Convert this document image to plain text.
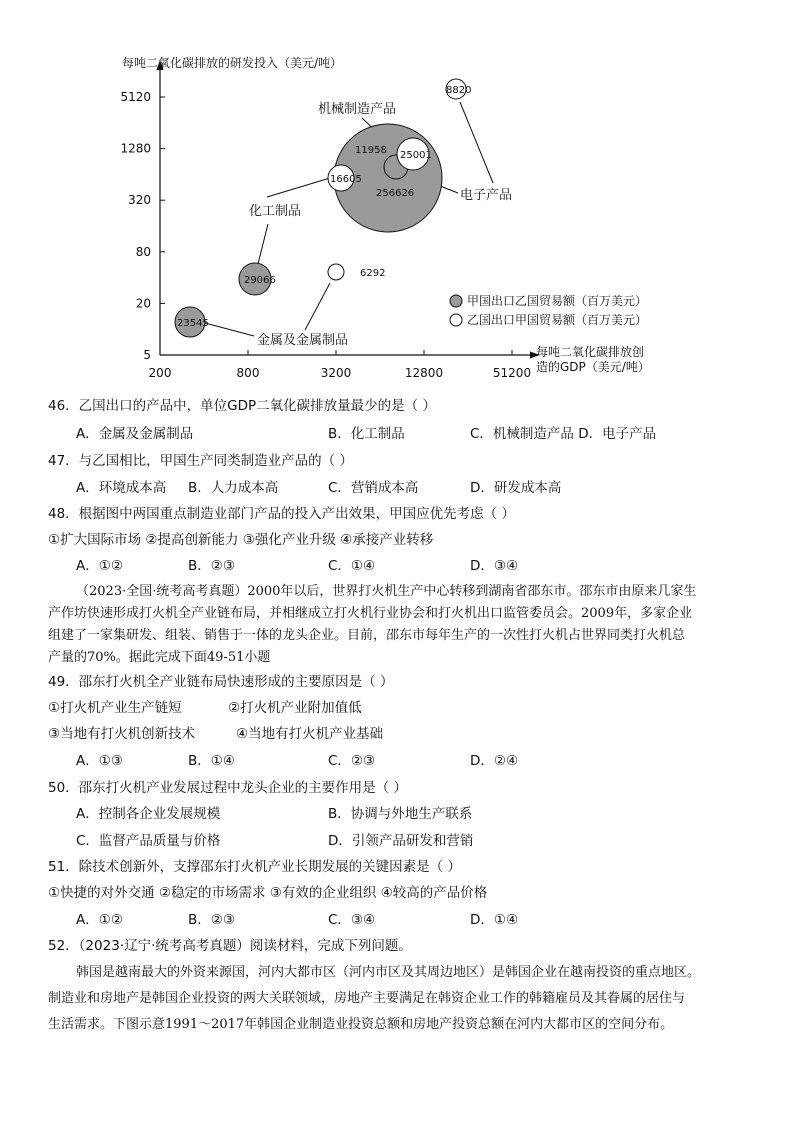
每吨二氧化碳排放的研发投入（美元/吨）
每吨二氧化碳排放创
造的GDP（美元/吨）
5120
1280
320
80
20
5
200	800	3200	12800	51200
11958 25001
256626
16605
29066
23545
6292
8820
机械制造产品
化工制品
电子产品
金属及金属制品
甲国出口乙国贸易额（百万美元）
乙国出口甲国贸易额（百万美元）
46．乙国出口的产品中，单位GDP二氧化碳排放量最少的是（ ）
A．金属及金属制品	B．化工制品	C．机械制造产品 D．电子产品
47．与乙国相比，甲国生产同类制造业产品的（ ）
A．环境成本高 B．人力成本高	C．营销成本高	D．研发成本高
48．根据图中两国重点制造业部门产品的投入产出效果，甲国应优先考虑（ ）
①扩大国际市场 ②提高创新能力 ③强化产业升级 ④承接产业转移
A．①②	B．②③	C．①④	D．③④
（2023·全国·统考高考真题）2000年以后，世界打火机生产中心转移到湖南省邵东市。邵东市由原来几家生
产作坊快速形成打火机全产业链布局，并相继成立打火机行业协会和打火机出口监管委员会。2009年，多家企业
组建了一家集研发、组装、销售于一体的龙头企业。目前，邵东市每年生产的一次性打火机占世界同类打火机总
产量的70%。据此完成下面49-51小题
49．邵东打火机全产业链布局快速形成的主要原因是（ ）
①打火机产业生产链短	②打火机产业附加值低
③当地有打火机创新技术	④当地有打火机产业基础
A．①③	B．①④	C．②③	D．②④
50．邵东打火机产业发展过程中龙头企业的主要作用是（ ）
A．控制各企业发展规模	B．协调与外地生产联系
C．监督产品质量与价格	D．引领产品研发和营销
51．除技术创新外，支撑邵东打火机产业长期发展的关键因素是（ ）
①快捷的对外交通 ②稳定的市场需求 ③有效的企业组织 ④较高的产品价格
A．①②	B．②③	C．③④	D．①④
52．（2023·辽宁·统考高考真题）阅读材料，完成下列问题。
韩国是越南最大的外资来源国，河内大都市区（河内市区及其周边地区）是韩国企业在越南投资的重点地区。
制造业和房地产是韩国企业投资的两大关联领域，房地产主要满足在韩资企业工作的韩籍雇员及其眷属的居住与
生活需求。下图示意1991～2017年韩国企业制造业投资总额和房地产投资总额在河内大都市区的空间分布。
